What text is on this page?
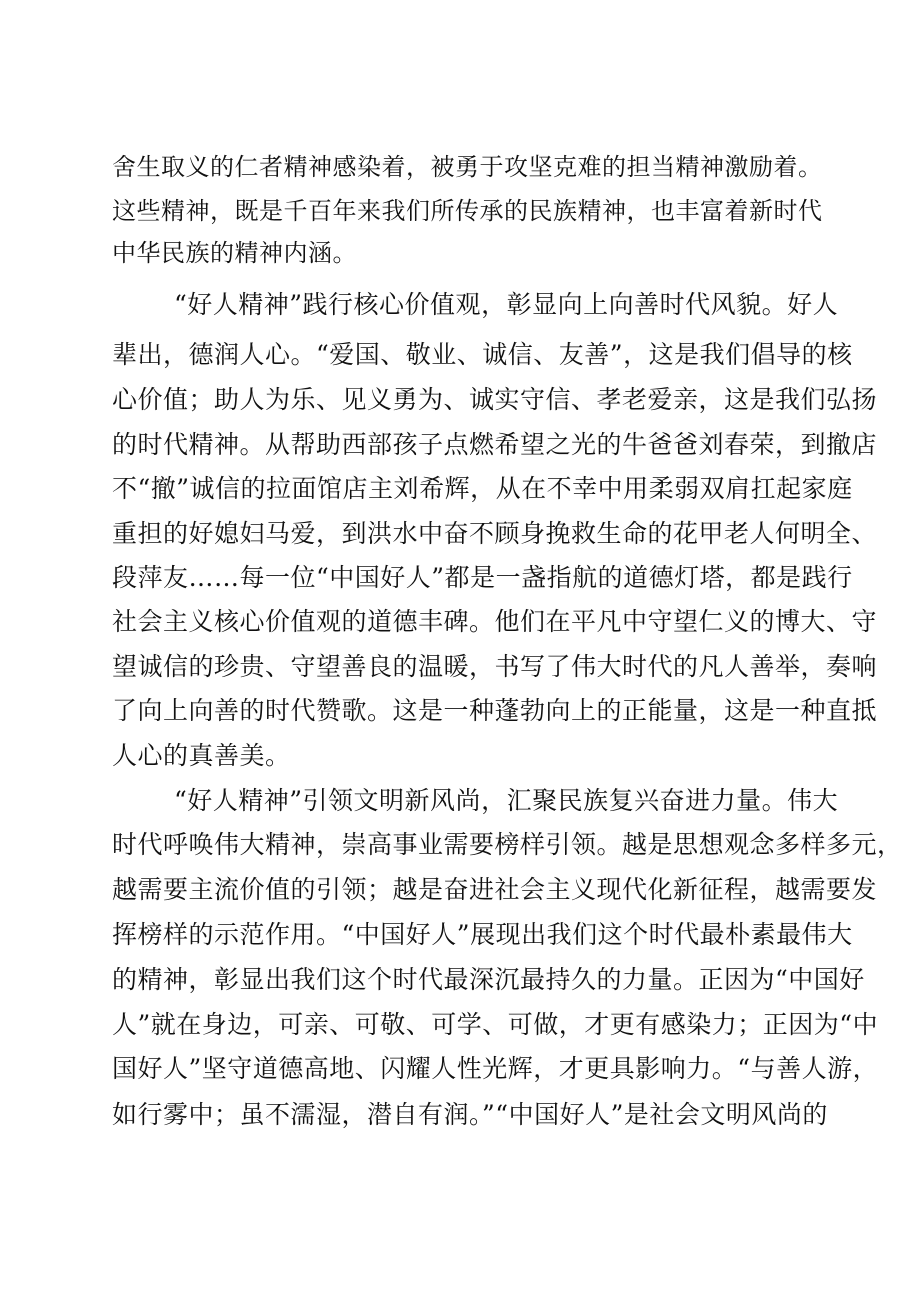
舍生取义的仁者精神感染着，被勇于攻坚克难的担当精神激励着。
这些精神，既是千百年来我们所传承的民族精神，也丰富着新时代
中华民族的精神内涵。
“好人精神”践行核心价值观，彰显向上向善时代风貌。好人
辈出，德润人心。“爱国、敬业、诚信、友善”，这是我们倡导的核
心价值；助人为乐、见义勇为、诚实守信、孝老爱亲，这是我们弘扬
的时代精神。从帮助西部孩子点燃希望之光的牛爸爸刘春荣，到撤店
不“撤”诚信的拉面馆店主刘希辉，从在不幸中用柔弱双肩扛起家庭
重担的好媳妇马爱，到洪水中奋不顾身挽救生命的花甲老人何明全、
段萍友……每一位“中国好人”都是一盏指航的道德灯塔，都是践行
社会主义核心价值观的道德丰碑。他们在平凡中守望仁义的博大、守
望诚信的珍贵、守望善良的温暖，书写了伟大时代的凡人善举，奏响
了向上向善的时代赞歌。这是一种蓬勃向上的正能量，这是一种直抵
人心的真善美。
“好人精神”引领文明新风尚，汇聚民族复兴奋进力量。伟大
时代呼唤伟大精神，崇高事业需要榜样引领。越是思想观念多样多元，
越需要主流价值的引领；越是奋进社会主义现代化新征程，越需要发
挥榜样的示范作用。“中国好人”展现出我们这个时代最朴素最伟大
的精神，彰显出我们这个时代最深沉最持久的力量。正因为“中国好
人”就在身边，可亲、可敬、可学、可做，才更有感染力；正因为“中
国好人”坚守道德高地、闪耀人性光辉，才更具影响力。“与善人游，
如行雾中；虽不濡湿，潜自有润。”“中国好人”是社会文明风尚的
